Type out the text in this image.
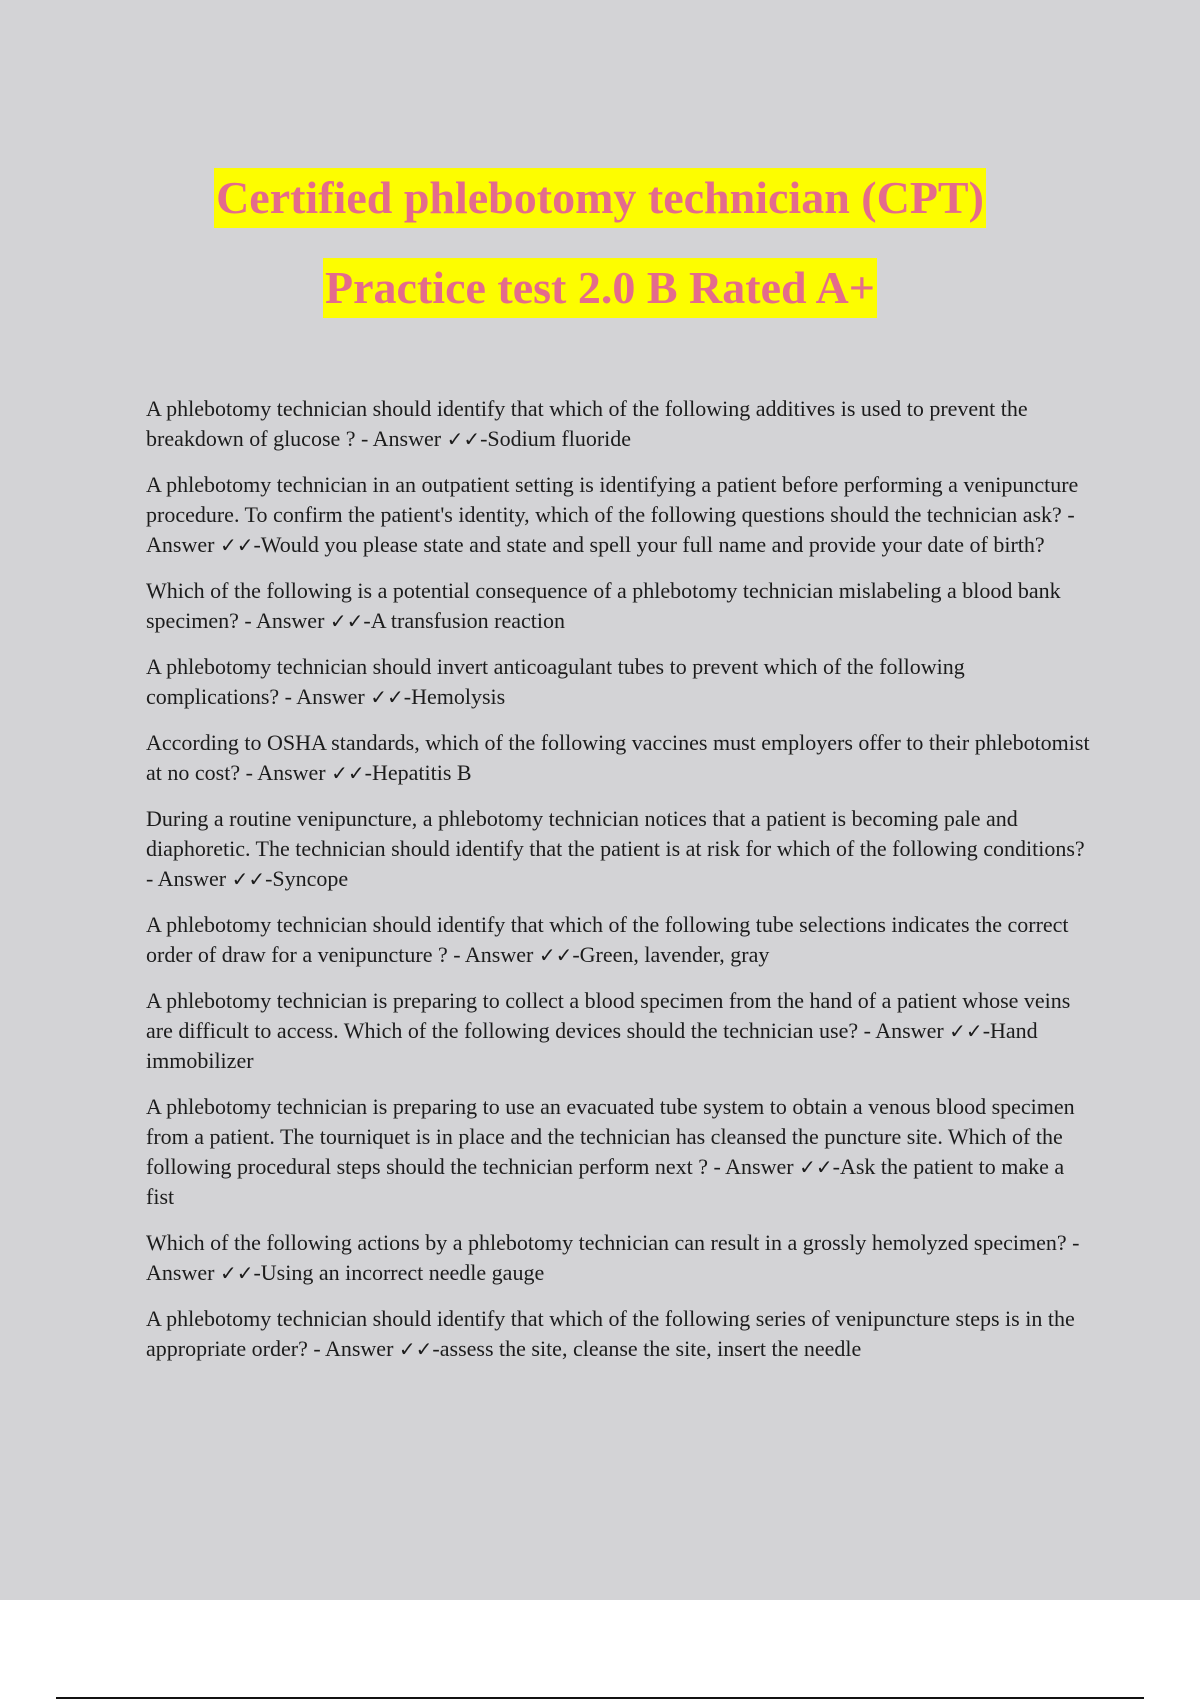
Certified phlebotomy technician (CPT)
Practice test 2.0 B Rated A+

A phlebotomy technician should identify that which of the following additives is used to prevent the breakdown of glucose ? - Answer ✓✓-Sodium fluoride

A phlebotomy technician in an outpatient setting is identifying a patient before performing a venipuncture procedure. To confirm the patient's identity, which of the following questions should the technician ask? - Answer ✓✓-Would you please state and state and spell your full name and provide your date of birth?

Which of the following is a potential consequence of a phlebotomy technician mislabeling a blood bank specimen? - Answer ✓✓-A transfusion reaction

A phlebotomy technician should invert anticoagulant tubes to prevent which of the following complications? - Answer ✓✓-Hemolysis

According to OSHA standards, which of the following vaccines must employers offer to their phlebotomist at no cost? - Answer ✓✓-Hepatitis B

During a routine venipuncture, a phlebotomy technician notices that a patient is becoming pale and diaphoretic. The technician should identify that the patient is at risk for which of the following conditions? - Answer ✓✓-Syncope

A phlebotomy technician should identify that which of the following tube selections indicates the correct order of draw for a venipuncture ? - Answer ✓✓-Green, lavender, gray

A phlebotomy technician is preparing to collect a blood specimen from the hand of a patient whose veins are difficult to access. Which of the following devices should the technician use? - Answer ✓✓-Hand immobilizer

A phlebotomy technician is preparing to use an evacuated tube system to obtain a venous blood specimen from a patient. The tourniquet is in place and the technician has cleansed the puncture site. Which of the following procedural steps should the technician perform next ? - Answer ✓✓-Ask the patient to make a fist

Which of the following actions by a phlebotomy technician can result in a grossly hemolyzed specimen? - Answer ✓✓-Using an incorrect needle gauge

A phlebotomy technician should identify that which of the following series of venipuncture steps is in the appropriate order? - Answer ✓✓-assess the site, cleanse the site, insert the needle
